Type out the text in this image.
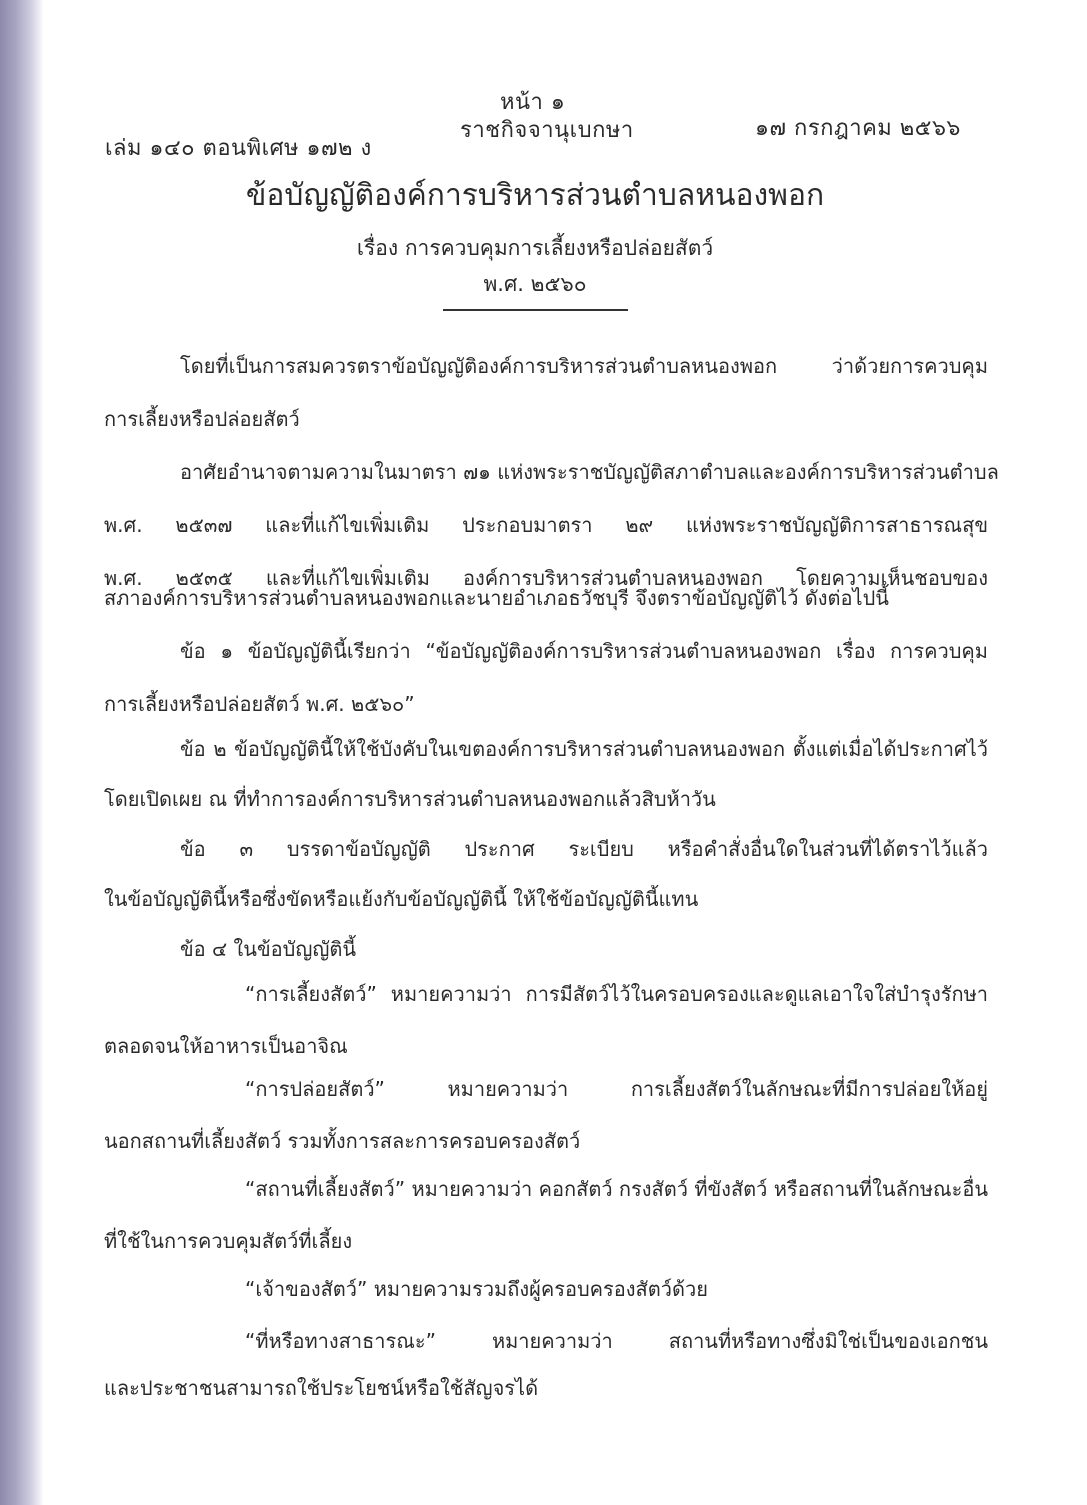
หน้า ๑
เล่ม ๑๔๐ ตอนพิเศษ ๑๗๒ ง
ราชกิจจานุเบกษา	๑๗ กรกฎาคม ๒๕๖๖
ข้อบัญญัติองค์การบริหารส่วนตำบลหนองพอก
เรื่อง การควบคุมการเลี้ยงหรือปล่อยสัตว์
พ.ศ. ๒๕๖๐
โดยที่เป็นการสมควรตราข้อบัญญัติองค์การบริหารส่วนตำบลหนองพอก ว่าด้วยการควบคุม
การเลี้ยงหรือปล่อยสัตว์
อาศัยอำนาจตามความในมาตรา ๗๑ แห่งพระราชบัญญัติสภาตำบลและองค์การบริหารส่วนตำบล
พ.ศ. ๒๕๓๗ และที่แก้ไขเพิ่มเติม ประกอบมาตรา ๒๙ แห่งพระราชบัญญัติการสาธารณสุข
พ.ศ. ๒๕๓๕ และที่แก้ไขเพิ่มเติม องค์การบริหารส่วนตำบลหนองพอก โดยความเห็นชอบของ
สภาองค์การบริหารส่วนตำบลหนองพอกและนายอำเภอธวัชบุรี จึงตราข้อบัญญัติไว้ ดังต่อไปนี้
ข้อ ๑ ข้อบัญญัตินี้เรียกว่า “ข้อบัญญัติองค์การบริหารส่วนตำบลหนองพอก เรื่อง การควบคุม
การเลี้ยงหรือปล่อยสัตว์ พ.ศ. ๒๕๖๐”
ข้อ ๒ ข้อบัญญัตินี้ให้ใช้บังคับในเขตองค์การบริหารส่วนตำบลหนองพอก ตั้งแต่เมื่อได้ประกาศไว้
โดยเปิดเผย ณ ที่ทำการองค์การบริหารส่วนตำบลหนองพอกแล้วสิบห้าวัน
ข้อ ๓ บรรดาข้อบัญญัติ ประกาศ ระเบียบ หรือคำสั่งอื่นใดในส่วนที่ได้ตราไว้แล้ว
ในข้อบัญญัตินี้หรือซึ่งขัดหรือแย้งกับข้อบัญญัตินี้ ให้ใช้ข้อบัญญัตินี้แทน
ข้อ ๔ ในข้อบัญญัตินี้
“การเลี้ยงสัตว์” หมายความว่า การมีสัตว์ไว้ในครอบครองและดูแลเอาใจใส่บำรุงรักษา
ตลอดจนให้อาหารเป็นอาจิณ
“การปล่อยสัตว์” หมายความว่า การเลี้ยงสัตว์ในลักษณะที่มีการปล่อยให้อยู่
นอกสถานที่เลี้ยงสัตว์ รวมทั้งการสละการครอบครองสัตว์
“สถานที่เลี้ยงสัตว์” หมายความว่า คอกสัตว์ กรงสัตว์ ที่ขังสัตว์ หรือสถานที่ในลักษณะอื่น
ที่ใช้ในการควบคุมสัตว์ที่เลี้ยง
“เจ้าของสัตว์” หมายความรวมถึงผู้ครอบครองสัตว์ด้วย
“ที่หรือทางสาธารณะ” หมายความว่า สถานที่หรือทางซึ่งมิใช่เป็นของเอกชน
และประชาชนสามารถใช้ประโยชน์หรือใช้สัญจรได้
